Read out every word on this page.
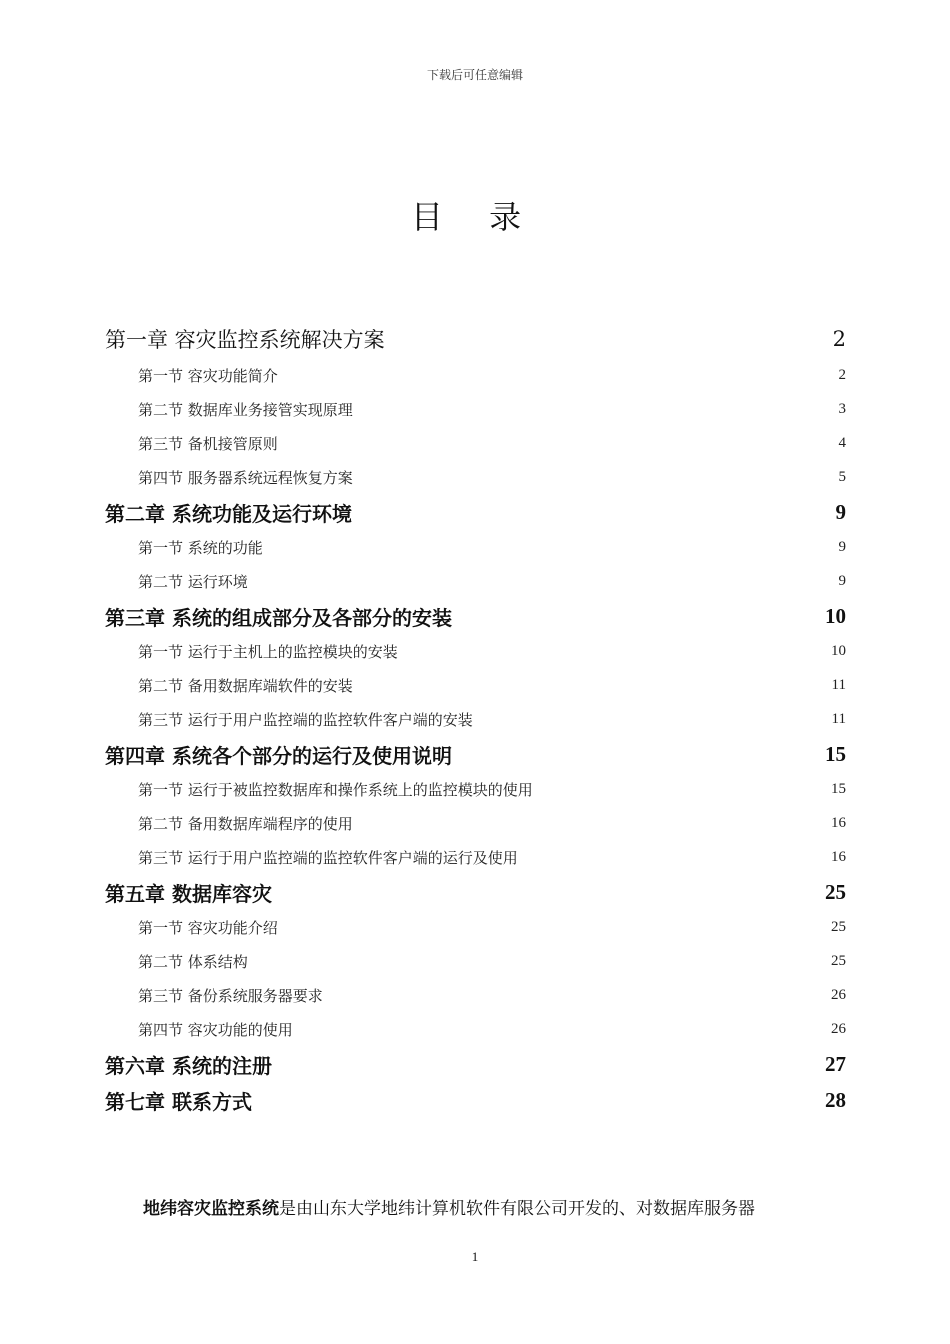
下载后可任意编辑
目 录
第一章 容灾监控系统解决方案	2
第一节 容灾功能简介	2
第二节 数据库业务接管实现原理	3
第三节 备机接管原则	4
第四节 服务器系统远程恢复方案	5
第二章 系统功能及运行环境	9
第一节 系统的功能	9
第二节 运行环境	9
第三章 系统的组成部分及各部分的安装	10
第一节 运行于主机上的监控模块的安装	10
第二节 备用数据库端软件的安装	11
第三节 运行于用户监控端的监控软件客户端的安装	11
第四章 系统各个部分的运行及使用说明	15
第一节 运行于被监控数据库和操作系统上的监控模块的使用	15
第二节 备用数据库端程序的使用	16
第三节 运行于用户监控端的监控软件客户端的运行及使用	16
第五章 数据库容灾	25
第一节 容灾功能介绍	25
第二节 体系结构	25
第三节 备份系统服务器要求	26
第四节 容灾功能的使用	26
第六章 系统的注册	27
第七章 联系方式	28
地纬容灾监控系统是由山东大学地纬计算机软件有限公司开发的、对数据库服务器
1
